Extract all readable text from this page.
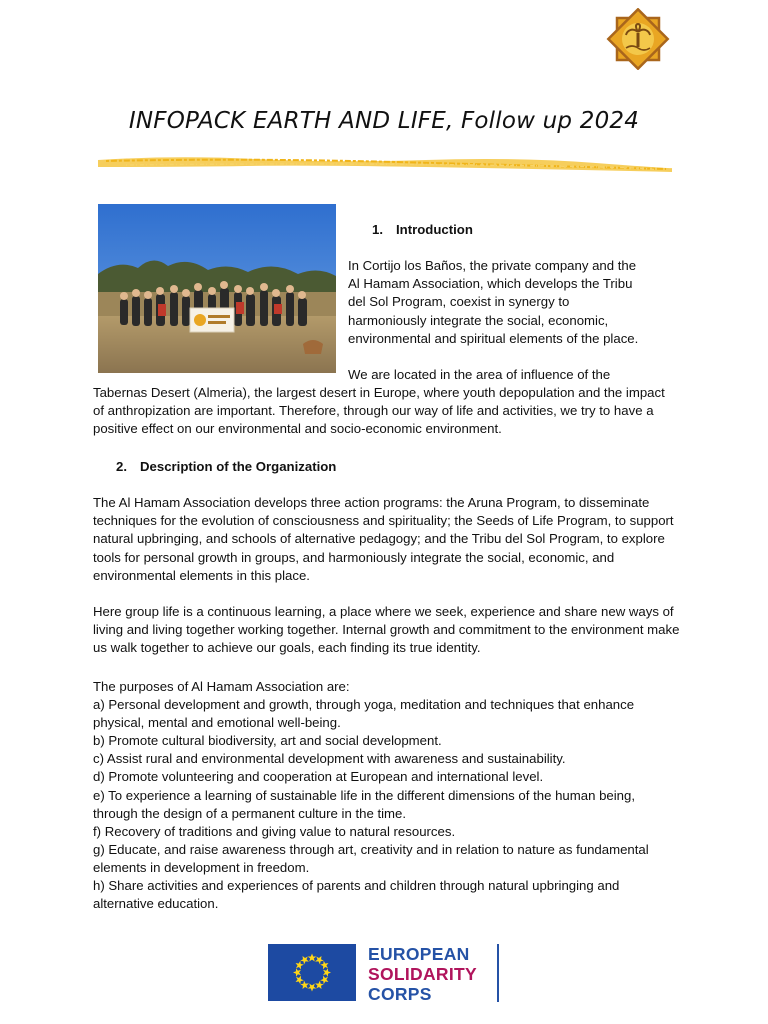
INFOPACK EARTH AND LIFE, Follow up 2024

1. Introduction

In Cortijo los Baños, the private company and the
Al Hamam Association, which develops the Tribu
del Sol Program, coexist in synergy to
harmoniously integrate the social, economic,
environmental and spiritual elements of the place.
We are located in the area of influence of the

Tabernas Desert (Almeria), the largest desert in Europe, where youth depopulation and the impact of anthropization are important. Therefore, through our way of life and activities, we try to have a positive effect on our environmental and socio-economic environment.

2. Description of the Organization

The Al Hamam Association develops three action programs: the Aruna Program, to disseminate techniques for the evolution of consciousness and spirituality; the Seeds of Life Program, to support natural upbringing, and schools of alternative pedagogy; and the Tribu del Sol Program, to explore tools for personal growth in groups, and harmoniously integrate the social, economic, and environmental elements in this place.

Here group life is a continuous learning, a place where we seek, experience and share new ways of living and living together working together. Internal growth and commitment to the environment make us walk together to achieve our goals, each finding its true identity.

The purposes of Al Hamam Association are:

a) Personal development and growth, through yoga, meditation and techniques that enhance physical, mental and emotional well-being.

b) Promote cultural biodiversity, art and social development.

c) Assist rural and environmental development with awareness and sustainability.

d) Promote volunteering and cooperation at European and international level.

e) To experience a learning of sustainable life in the different dimensions of the human being, through the design of a permanent culture in the time.

f) Recovery of traditions and giving value to natural resources.

g) Educate, and raise awareness through art, creativity and in relation to nature as fundamental elements in development in freedom.

h) Share activities and experiences of parents and children through natural upbringing and alternative education.

EUROPEAN
SOLIDARITY
CORPS
